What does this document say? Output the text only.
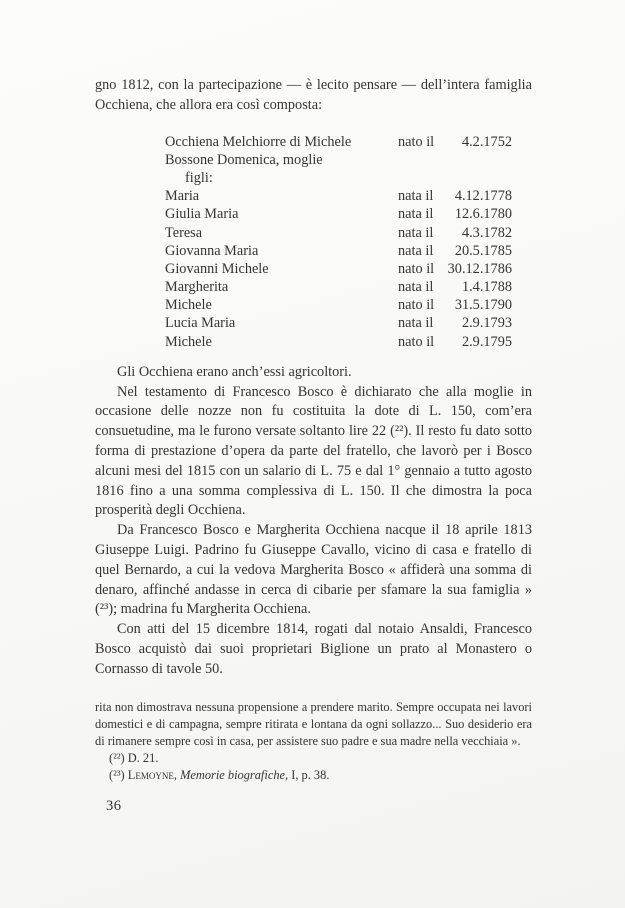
gno 1812, con la partecipazione — è lecito pensare — dell’intera famiglia Occhiena, che allora era così composta:

Occhiena Melchiorre di Michele	nato il	4.2.1752
Bossone Domenica, moglie
figli:
Maria	nata il	4.12.1778
Giulia Maria	nata il	12.6.1780
Teresa	nata il	4.3.1782
Giovanna Maria	nata il	20.5.1785
Giovanni Michele	nato il 30.12.1786
Margherita	nata il	1.4.1788
Michele	nato il	31.5.1790
Lucia Maria	nata il	2.9.1793
Michele	nato il	2.9.1795

Gli Occhiena erano anch’essi agricoltori.

Nel testamento di Francesco Bosco è dichiarato che alla moglie in occasione delle nozze non fu costituita la dote di L. 150, com’era consuetudine, ma le furono versate soltanto lire 22 (²²). Il resto fu dato sotto forma di prestazione d’opera da parte del fratello, che lavorò per i Bosco alcuni mesi del 1815 con un salario di L. 75 e dal 1° gennaio a tutto agosto 1816 fino a una somma complessiva di L. 150. Il che dimostra la poca prosperità degli Occhiena.

Da Francesco Bosco e Margherita Occhiena nacque il 18 aprile 1813 Giuseppe Luigi. Padrino fu Giuseppe Cavallo, vicino di casa e fratello di quel Bernardo, a cui la vedova Margherita Bosco « affiderà una somma di denaro, affinché andasse in cerca di cibarie per sfamare la sua famiglia » (²³); madrina fu Margherita Occhiena.

Con atti del 15 dicembre 1814, rogati dal notaio Ansaldi, Francesco Bosco acquistò dai suoi proprietari Biglione un prato al Monastero o Cornasso di tavole 50.

rita non dimostrava nessuna propensione a prendere marito. Sempre occupata nei lavori domestici e di campagna, sempre ritirata e lontana da ogni sollazzo... Suo desiderio era di rimanere sempre così in casa, per assistere suo padre e sua madre nella vecchiaia ».

(²²) D. 21.

(²³) Lemoyne, Memorie biografiche, I, p. 38.

36
